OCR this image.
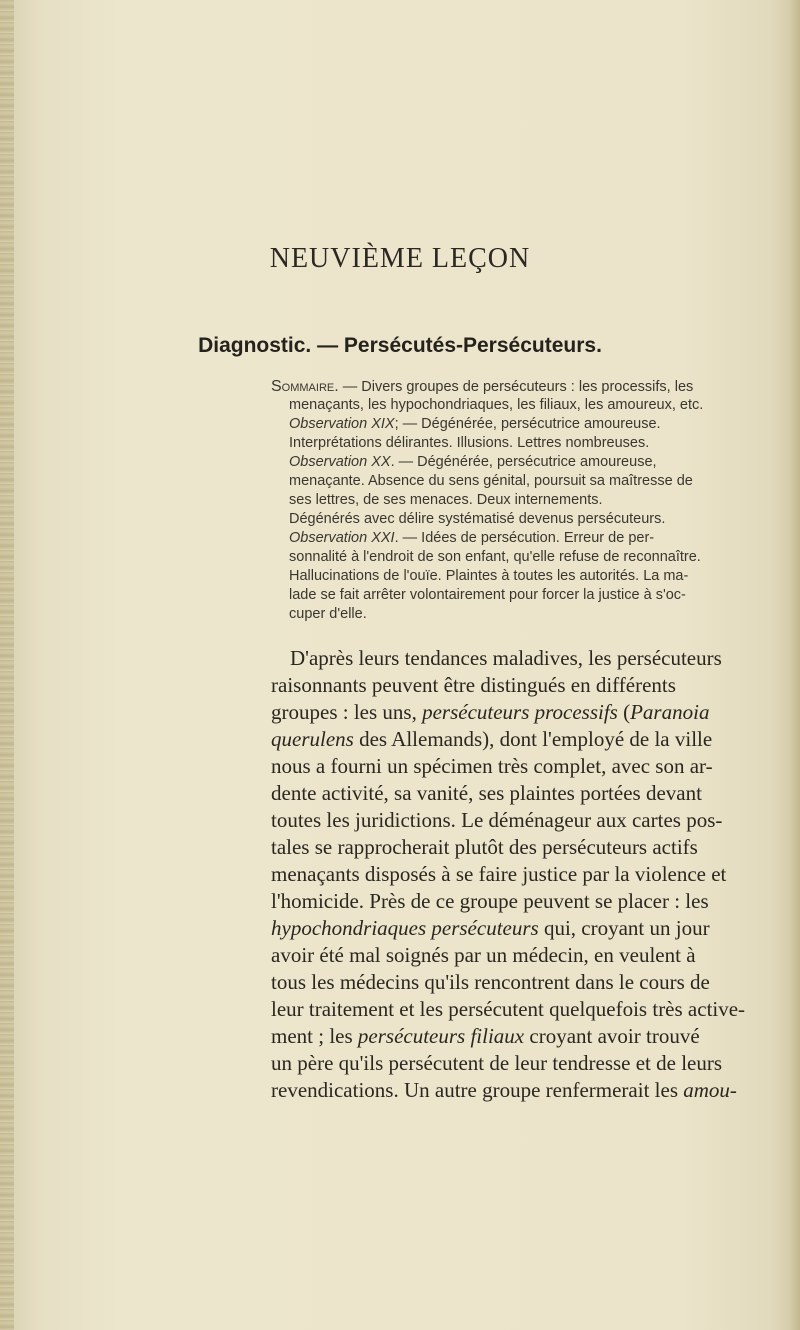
NEUVIÈME LEÇON
Diagnostic. — Persécutés-Persécuteurs.
Sommaire. — Divers groupes de persécuteurs : les processifs, les
menaçants, les hypochondriaques, les filiaux, les amoureux, etc.
Observation XIX; — Dégénérée, persécutrice amoureuse.
Interprétations délirantes. Illusions. Lettres nombreuses.
Observation XX. — Dégénérée, persécutrice amoureuse,
menaçante. Absence du sens génital, poursuit sa maîtresse de
ses lettres, de ses menaces. Deux internements.
Dégénérés avec délire systématisé devenus persécuteurs.
Observation XXI. — Idées de persécution. Erreur de per-
sonnalité à l'endroit de son enfant, qu'elle refuse de reconnaître.
Hallucinations de l'ouïe. Plaintes à toutes les autorités. La ma-
lade se fait arrêter volontairement pour forcer la justice à s'oc-
cuper d'elle.
D'après leurs tendances maladives, les persécuteurs
raisonnants peuvent être distingués en différents
groupes : les uns, persécuteurs processifs (Paranoia
querulens des Allemands), dont l'employé de la ville
nous a fourni un spécimen très complet, avec son ar-
dente activité, sa vanité, ses plaintes portées devant
toutes les juridictions. Le déménageur aux cartes pos-
tales se rapprocherait plutôt des persécuteurs actifs
menaçants disposés à se faire justice par la violence et
l'homicide. Près de ce groupe peuvent se placer : les
hypochondriaques persécuteurs qui, croyant un jour
avoir été mal soignés par un médecin, en veulent à
tous les médecins qu'ils rencontrent dans le cours de
leur traitement et les persécutent quelquefois très active-
ment ; les persécuteurs filiaux croyant avoir trouvé
un père qu'ils persécutent de leur tendresse et de leurs
revendications. Un autre groupe renfermerait les amou-
